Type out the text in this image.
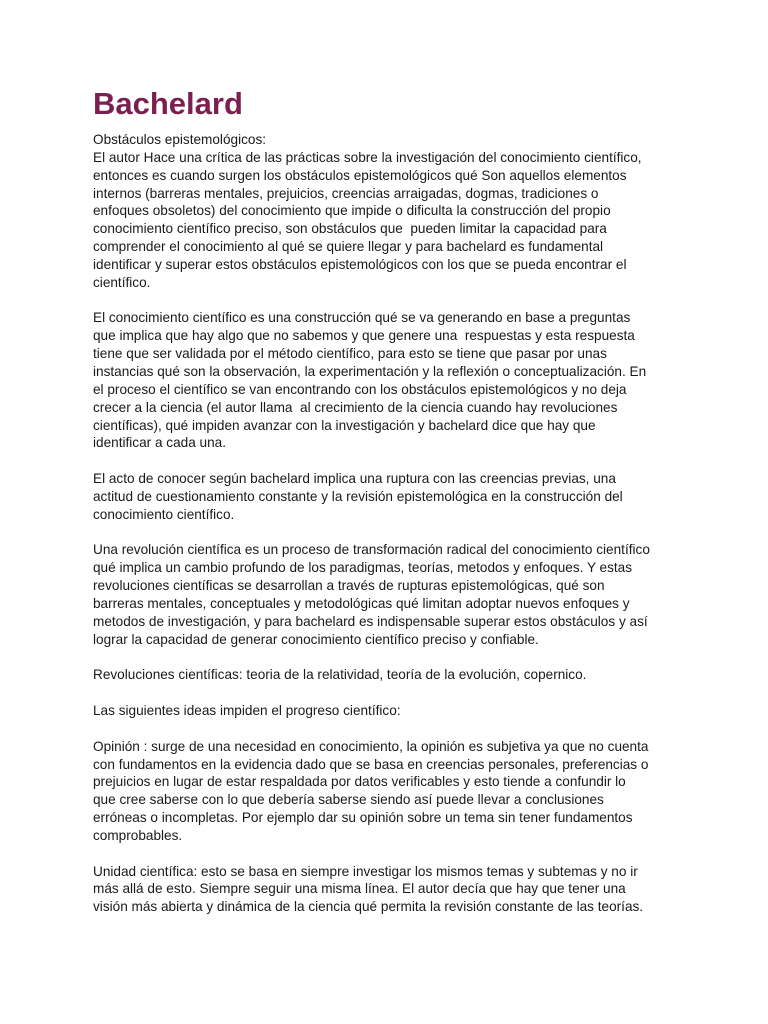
Bachelard

Obstáculos epistemológicos:
El autor Hace una crítica de las prácticas sobre la investigación del conocimiento científico,
entonces es cuando surgen los obstáculos epistemológicos qué Son aquellos elementos
internos (barreras mentales, prejuicios, creencias arraigadas, dogmas, tradiciones o
enfoques obsoletos) del conocimiento que impide o dificulta la construcción del propio
conocimiento científico preciso, son obstáculos que  pueden limitar la capacidad para
comprender el conocimiento al qué se quiere llegar y para bachelard es fundamental
identificar y superar estos obstáculos epistemológicos con los que se pueda encontrar el
científico.

El conocimiento científico es una construcción qué se va generando en base a preguntas
que implica que hay algo que no sabemos y que genere una  respuestas y esta respuesta
tiene que ser validada por el método científico, para esto se tiene que pasar por unas
instancias qué son la observación, la experimentación y la reflexión o conceptualización. En
el proceso el científico se van encontrando con los obstáculos epistemológicos y no deja
crecer a la ciencia (el autor llama  al crecimiento de la ciencia cuando hay revoluciones
científicas), qué impiden avanzar con la investigación y bachelard dice que hay que
identificar a cada una.

El acto de conocer según bachelard implica una ruptura con las creencias previas, una
actitud de cuestionamiento constante y la revisión epistemológica en la construcción del
conocimiento científico.

Una revolución científica es un proceso de transformación radical del conocimiento científico
qué implica un cambio profundo de los paradigmas, teorías, metodos y enfoques. Y estas
revoluciones científicas se desarrollan a través de rupturas epistemológicas, qué son
barreras mentales, conceptuales y metodológicas qué limitan adoptar nuevos enfoques y
metodos de investigación, y para bachelard es indispensable superar estos obstáculos y así
lograr la capacidad de generar conocimiento científico preciso y confiable.

Revoluciones científicas: teoria de la relatividad, teoría de la evolución, copernico.

Las siguientes ideas impiden el progreso científico:

Opinión : surge de una necesidad en conocimiento, la opinión es subjetiva ya que no cuenta
con fundamentos en la evidencia dado que se basa en creencias personales, preferencias o
prejuicios en lugar de estar respaldada por datos verificables y esto tiende a confundir lo
que cree saberse con lo que debería saberse siendo así puede llevar a conclusiones
erróneas o incompletas. Por ejemplo dar su opinión sobre un tema sin tener fundamentos
comprobables.

Unidad científica: esto se basa en siempre investigar los mismos temas y subtemas y no ir
más allá de esto. Siempre seguir una misma línea. El autor decía que hay que tener una
visión más abierta y dinámica de la ciencia qué permita la revisión constante de las teorías.
